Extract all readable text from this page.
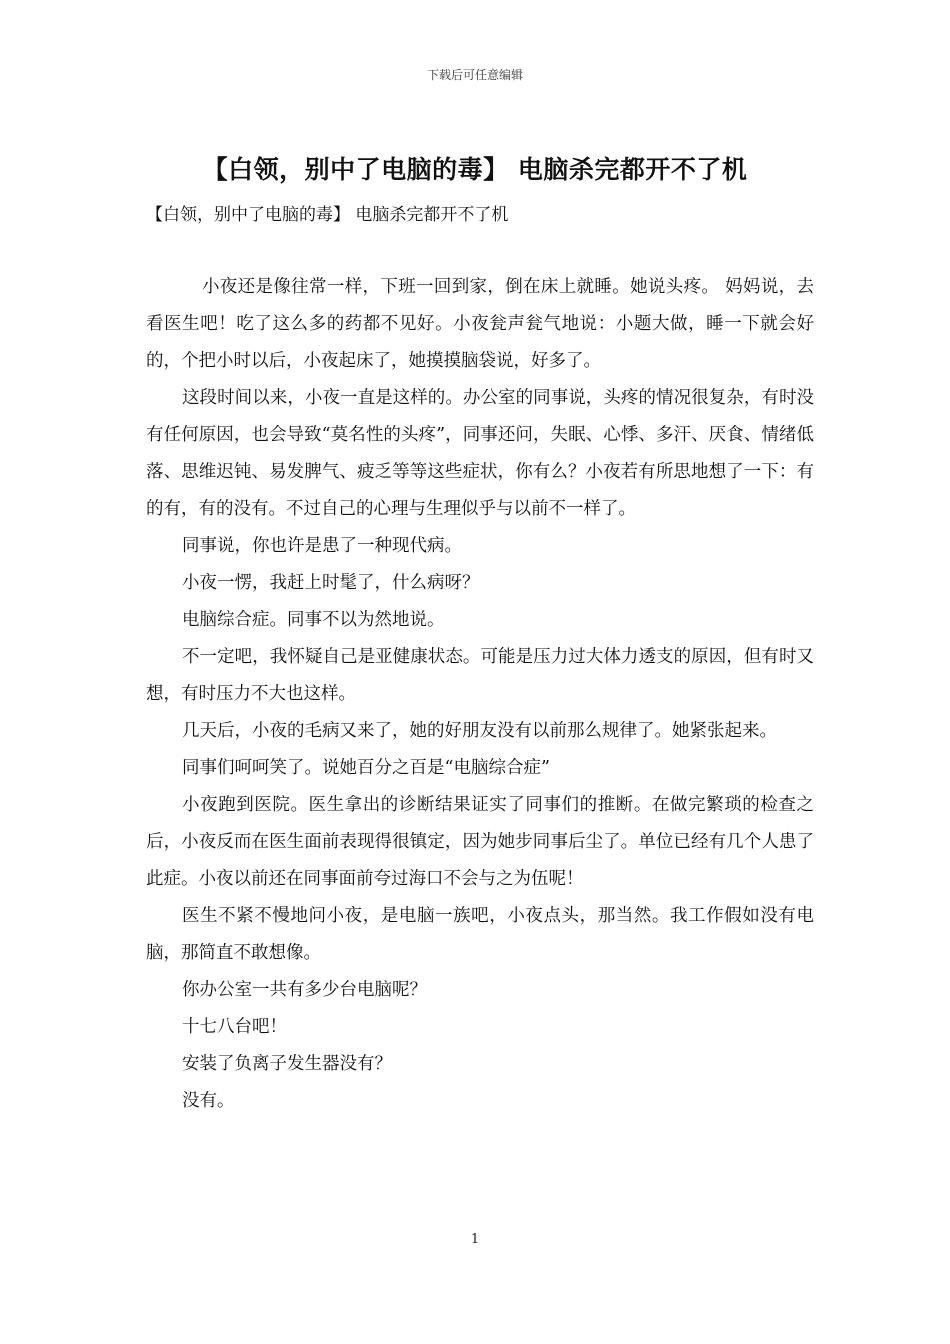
下载后可任意编辑
【白领，别中了电脑的毒】 电脑杀完都开不了机
【白领，别中了电脑的毒】 电脑杀完都开不了机

小夜还是像往常一样，下班一回到家，倒在床上就睡。她说头疼。 妈妈说，去看医生吧！吃了这么多的药都不见好。小夜瓮声瓮气地说：小题大做，睡一下就会好的，个把小时以后，小夜起床了，她摸摸脑袋说，好多了。

这段时间以来，小夜一直是这样的。办公室的同事说，头疼的情况很复杂，有时没有任何原因，也会导致“莫名性的头疼”，同事还问，失眠、心悸、多汗、厌食、情绪低落、思维迟钝、易发脾气、疲乏等等这些症状，你有么？小夜若有所思地想了一下：有的有，有的没有。不过自己的心理与生理似乎与以前不一样了。

同事说，你也许是患了一种现代病。

小夜一愣，我赶上时髦了，什么病呀？

电脑综合症。同事不以为然地说。

不一定吧，我怀疑自己是亚健康状态。可能是压力过大体力透支的原因，但有时又想，有时压力不大也这样。

几天后，小夜的毛病又来了，她的好朋友没有以前那么规律了。她紧张起来。

同事们呵呵笑了。说她百分之百是“电脑综合症”

小夜跑到医院。医生拿出的诊断结果证实了同事们的推断。在做完繁琐的检查之后，小夜反而在医生面前表现得很镇定，因为她步同事后尘了。单位已经有几个人患了此症。小夜以前还在同事面前夸过海口不会与之为伍呢！

医生不紧不慢地问小夜，是电脑一族吧，小夜点头，那当然。我工作假如没有电脑，那简直不敢想像。

你办公室一共有多少台电脑呢？

十七八台吧！

安装了负离子发生器没有？

没有。

1
